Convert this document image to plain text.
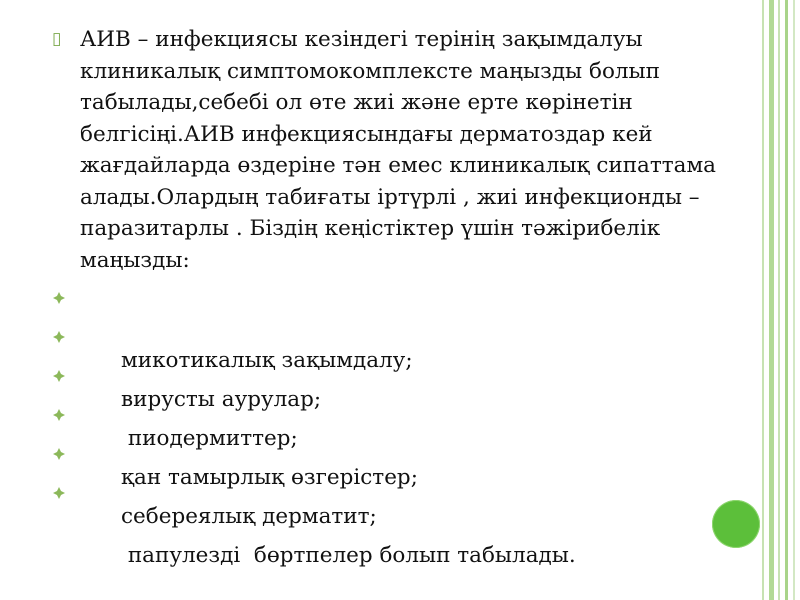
▯ АИВ – инфекциясы кезіндегі терінің зақымдалуы клиникалық симптомокомплексте маңызды болып табылады,себебі ол өте жиі және ерте көрінетін белгісіңі.АИВ инфекциясындағы дерматоздар кей жағдайларда өздеріне тән емес клиникалық сипаттама алады.Олардың табиғаты іртүрлі , жиі инфекционды – паразитарлы . Біздің кеңістіктер үшін тәжірибелік маңызды:

микотикалық зақымдалу;

вирусты аурулар;

пиодермиттер;

қан тамырлық өзгерістер;

себереялық дерматит;

папулезді  бөртпелер болып табылады.
